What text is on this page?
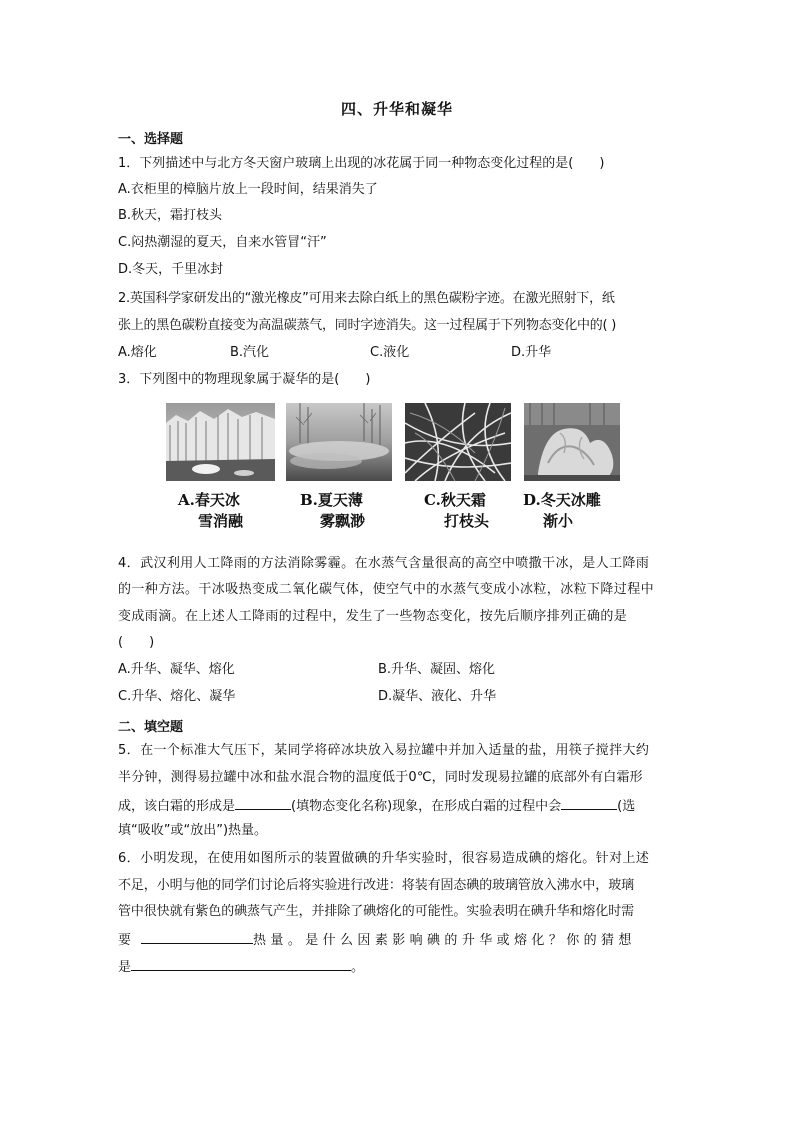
四、升华和凝华
一、选择题
1．下列描述中与北方冬天窗户玻璃上出现的冰花属于同一种物态变化过程的是(　　)
A.衣柜里的樟脑片放上一段时间，结果消失了
B.秋天，霜打枝头
C.闷热潮湿的夏天，自来水管冒“汗”
D.冬天，千里冰封
2.英国科学家研发出的“激光橡皮”可用来去除白纸上的黑色碳粉字迹。在激光照射下，纸
张上的黑色碳粉直接变为高温碳蒸气，同时字迹消失。这一过程属于下列物态变化中的( )
A.熔化	B.汽化	C.液化	D.升华
3．下列图中的物理现象属于凝华的是(　　)
A.春天冰
雪消融
B.夏天薄
雾飘渺
C.秋天霜
打枝头
D.冬天冰雕
渐小
4．武汉利用人工降雨的方法消除雾霾。在水蒸气含量很高的高空中喷撒干冰，是人工降雨
的一种方法。干冰吸热变成二氧化碳气体，使空气中的水蒸气变成小冰粒，冰粒下降过程中
变成雨滴。在上述人工降雨的过程中，发生了一些物态变化，按先后顺序排列正确的是
(　　)
A.升华、凝华、熔化	B.升华、凝固、熔化
C.升华、熔化、凝华	D.凝华、液化、升华
二、填空题
5．在一个标准大气压下，某同学将碎冰块放入易拉罐中并加入适量的盐，用筷子搅拌大约
半分钟，测得易拉罐中冰和盐水混合物的温度低于0℃，同时发现易拉罐的底部外有白霜形
成，该白霜的形成是	(填物态变化名称)现象，在形成白霜的过程中会	(选
填“吸收”或“放出”)热量。
6．小明发现，在使用如图所示的装置做碘的升华实验时，很容易造成碘的熔化。针对上述
不足，小明与他的同学们讨论后将实验进行改进：将装有固态碘的玻璃管放入沸水中，玻璃
管中很快就有紫色的碘蒸气产生，并排除了碘熔化的可能性。实验表明在碘升华和熔化时需
要	热量。是什么因素影响碘的升华或熔化？你的猜想
是	。
